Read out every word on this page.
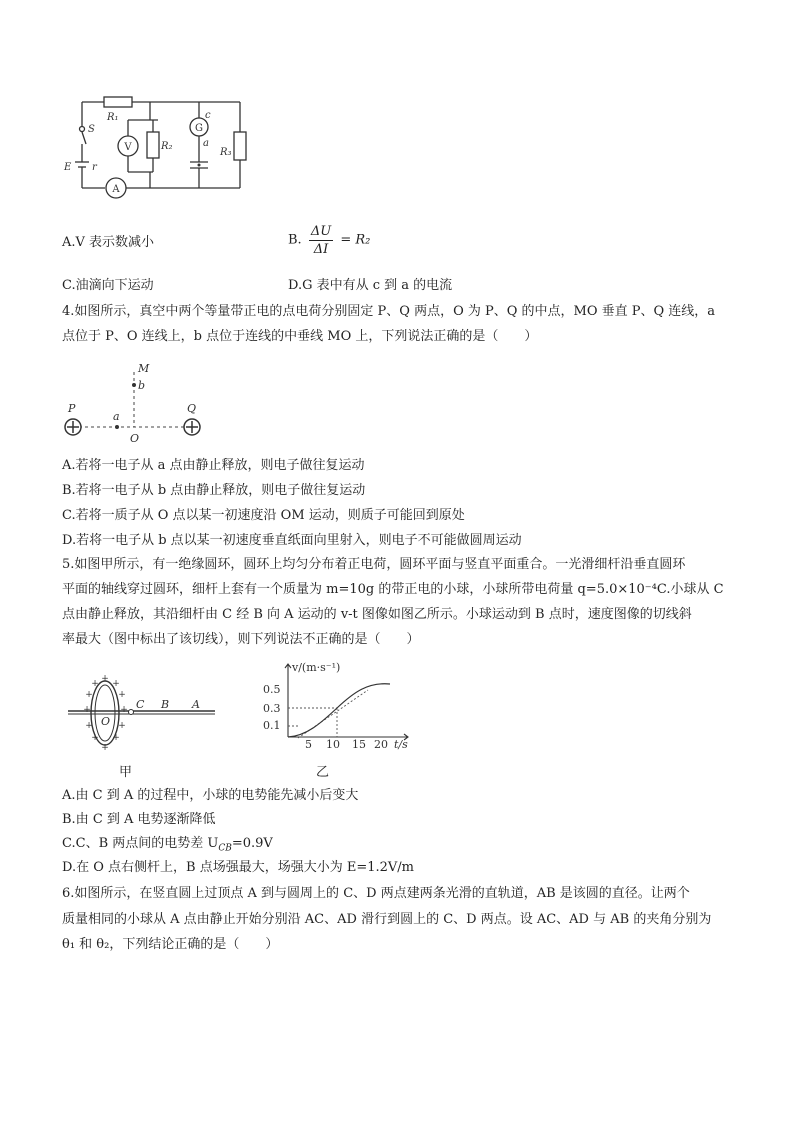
R₁
S
E r
R₂
R₃
c
a
V
A
G
A.V 表示数减小	B. $\frac{\Delta U}{\Delta I} = R_2$
C.油滴向下运动	D.G 表中有从 c 到 a 的电流
4.如图所示，真空中两个等量带正电的点电荷分别固定 P、Q 两点，O 为 P、Q 的中点，MO 垂直 P、Q 连线，a
点位于 P、O 连线上，b 点位于连线的中垂线 MO 上，下列说法正确的是（　　）
P	Q
M
b
a
O
A.若将一电子从 a 点由静止释放，则电子做往复运动
B.若将一电子从 b 点由静止释放，则电子做往复运动
C.若将一质子从 O 点以某一初速度沿 OM 运动，则质子可能回到原处
D.若将一电子从 b 点以某一初速度垂直纸面向里射入，则电子不可能做圆周运动
5.如图甲所示，有一绝缘圆环，圆环上均匀分布着正电荷，圆环平面与竖直平面重合。一光滑细杆沿垂直圆环
平面的轴线穿过圆环，细杆上套有一个质量为 m=10g 的带正电的小球，小球所带电荷量 q=5.0×10⁻⁴C.小球从 C
点由静止释放，其沿细杆由 C 经 B 向 A 运动的 v-t 图像如图乙所示。小球运动到 B 点时，速度图像的切线斜
率最大（图中标出了该切线），则下列说法不正确的是（　　）
+
+ +
+	+
+	+
+	+
+ +
+
O
C B A
甲
v/(m·s⁻¹)
0.5
0.3
0.1
5 10 15 20 t/s
乙
A.由 C 到 A 的过程中，小球的电势能先减小后变大
B.由 C 到 A 电势逐渐降低
C.C、B 两点间的电势差 $U_{CB}=0.9V$
D.在 O 点右侧杆上，B 点场强最大，场强大小为 E=1.2V/m
6.如图所示，在竖直圆上过顶点 A 到与圆周上的 C、D 两点建两条光滑的直轨道，AB 是该圆的直径。让两个
质量相同的小球从 A 点由静止开始分别沿 AC、AD 滑行到圆上的 C、D 两点。设 AC、AD 与 AB 的夹角分别为
θ₁ 和 θ₂，下列结论正确的是（　　）
